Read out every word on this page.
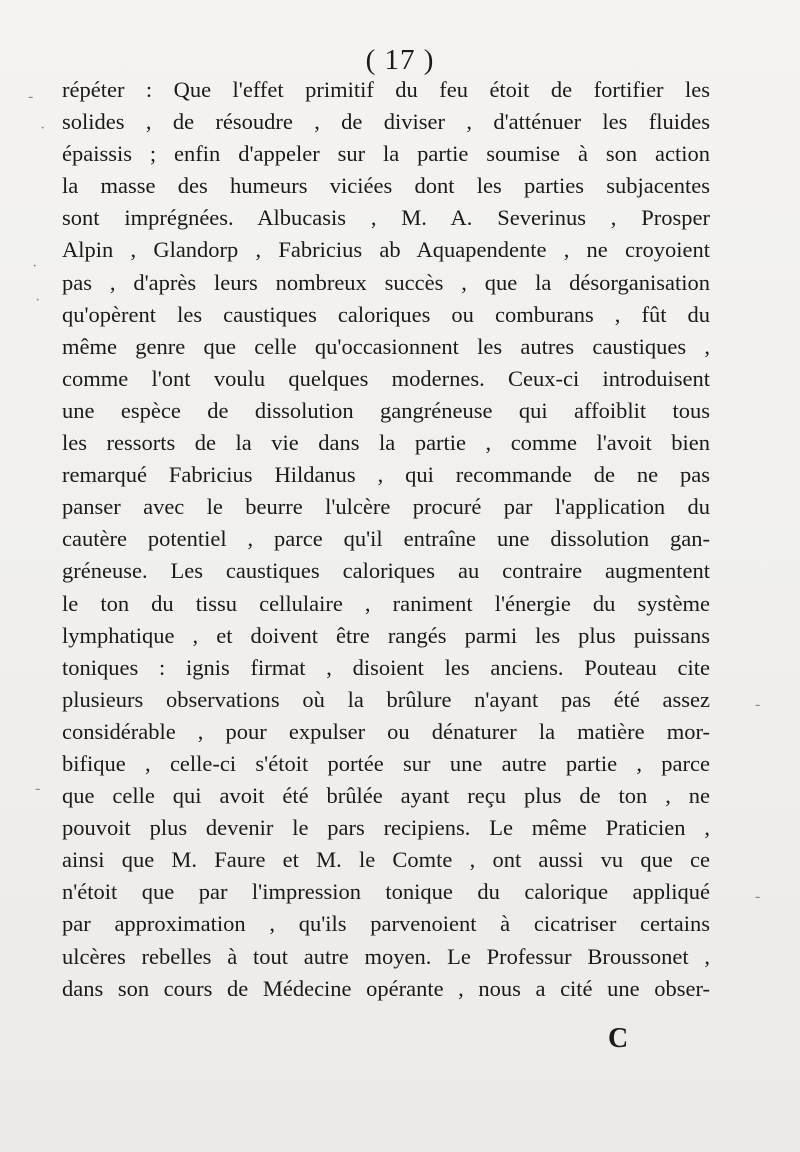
( 17 )
répéter : Que l'effet primitif du feu étoit de fortifier les
solides , de résoudre , de diviser , d'atténuer les fluides
épaissis ; enfin d'appeler sur la partie soumise à son action
la masse des humeurs viciées dont les parties subjacentes
sont imprégnées. Albucasis , M. A. Severinus , Prosper
Alpin , Glandorp , Fabricius ab Aquapendente , ne croyoient
pas , d'après leurs nombreux succès , que la désorganisation
qu'opèrent les caustiques caloriques ou comburans , fût du
même genre que celle qu'occasionnent les autres caustiques ,
comme l'ont voulu quelques modernes. Ceux-ci introduisent
une espèce de dissolution gangréneuse qui affoiblit tous
les ressorts de la vie dans la partie , comme l'avoit bien
remarqué Fabricius Hildanus , qui recommande de ne pas
panser avec le beurre l'ulcère procuré par l'application du
cautère potentiel , parce qu'il entraîne une dissolution gan-
gréneuse. Les caustiques caloriques au contraire augmentent
le ton du tissu cellulaire , raniment l'énergie du système
lymphatique , et doivent être rangés parmi les plus puissans
toniques : ignis firmat , disoient les anciens. Pouteau cite
plusieurs observations où la brûlure n'ayant pas été assez
considérable , pour expulser ou dénaturer la matière mor-
bifique , celle-ci s'étoit portée sur une autre partie , parce
que celle qui avoit été brûlée ayant reçu plus de ton , ne
pouvoit plus devenir le pars recipiens. Le même Praticien ,
ainsi que M. Faure et M. le Comte , ont aussi vu que ce
n'étoit que par l'impression tonique du calorique appliqué
par approximation , qu'ils parvenoient à cicatriser certains
ulcères rebelles à tout autre moyen. Le Professur Broussonet ,
dans son cours de Médecine opérante , nous a cité une obser-
C
-
·
·
·
-
-
-
